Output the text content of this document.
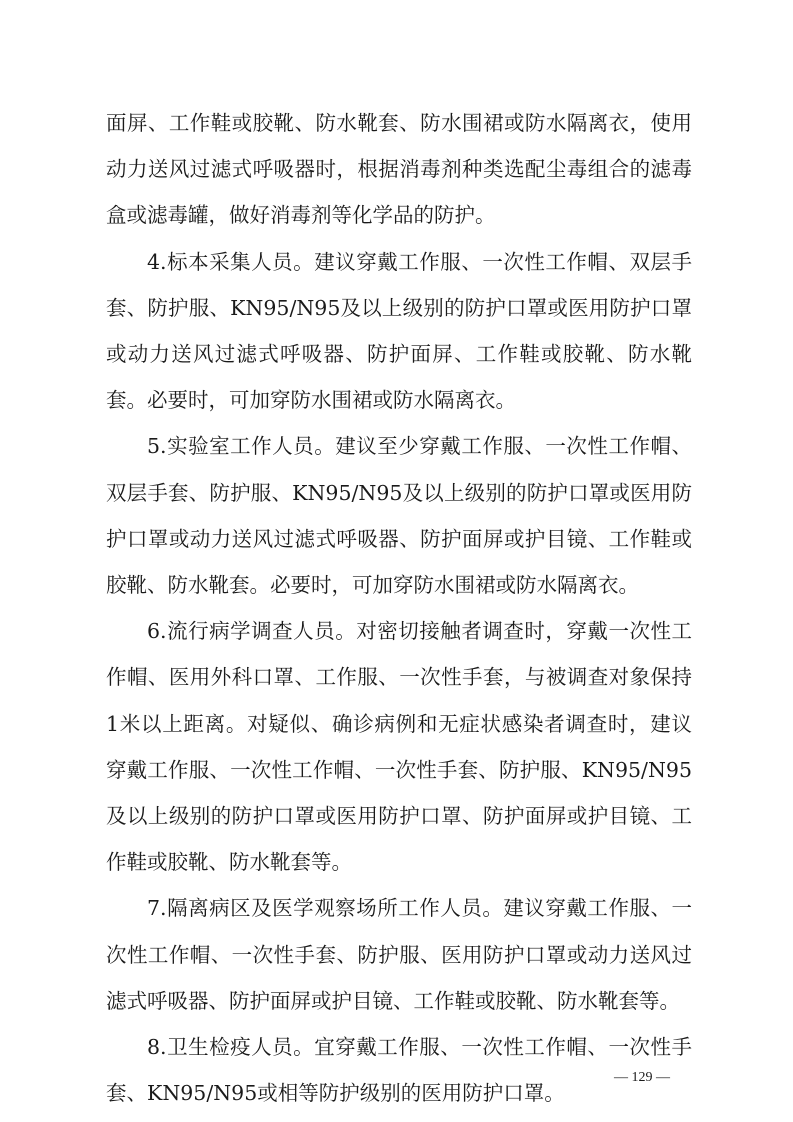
面屏、工作鞋或胶靴、防水靴套、防水围裙或防水隔离衣，使用动力送风过滤式呼吸器时，根据消毒剂种类选配尘毒组合的滤毒盒或滤毒罐，做好消毒剂等化学品的防护。

4.标本采集人员。建议穿戴工作服、一次性工作帽、双层手套、防护服、KN95/N95及以上级别的防护口罩或医用防护口罩或动力送风过滤式呼吸器、防护面屏、工作鞋或胶靴、防水靴套。必要时，可加穿防水围裙或防水隔离衣。

5.实验室工作人员。建议至少穿戴工作服、一次性工作帽、双层手套、防护服、KN95/N95及以上级别的防护口罩或医用防护口罩或动力送风过滤式呼吸器、防护面屏或护目镜、工作鞋或胶靴、防水靴套。必要时，可加穿防水围裙或防水隔离衣。

6.流行病学调查人员。对密切接触者调查时，穿戴一次性工作帽、医用外科口罩、工作服、一次性手套，与被调查对象保持1米以上距离。对疑似、确诊病例和无症状感染者调查时，建议穿戴工作服、一次性工作帽、一次性手套、防护服、KN95/N95及以上级别的防护口罩或医用防护口罩、防护面屏或护目镜、工作鞋或胶靴、防水靴套等。

7.隔离病区及医学观察场所工作人员。建议穿戴工作服、一次性工作帽、一次性手套、防护服、医用防护口罩或动力送风过滤式呼吸器、防护面屏或护目镜、工作鞋或胶靴、防水靴套等。

8.卫生检疫人员。宜穿戴工作服、一次性工作帽、一次性手套、KN95/N95或相等防护级别的医用防护口罩。

— 129 —
